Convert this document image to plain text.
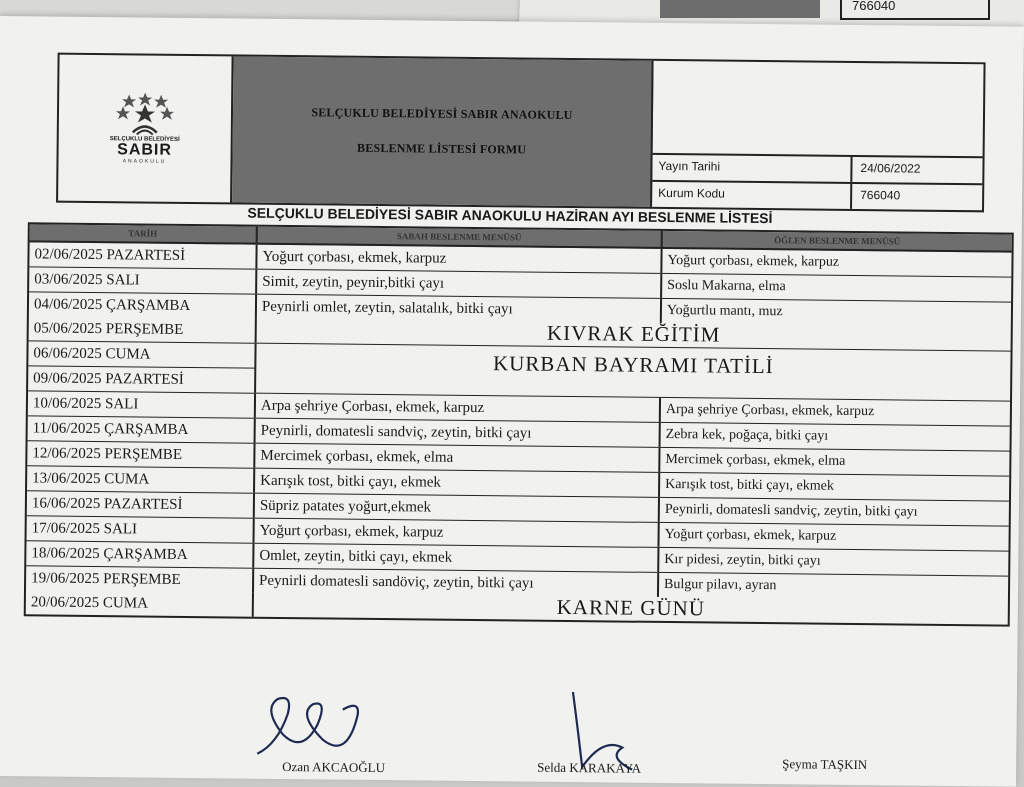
766040
SELÇUKLU BELEDİYESİ
SABIR
ANAOKULU
SELÇUKLU BELEDİYESİ SABIR ANAOKULU
BESLENME LİSTESİ FORMU
Yayın Tarihi	24/06/2022
Kurum Kodu	766040
SELÇUKLU BELEDİYESİ SABIR ANAOKULU HAZİRAN AYI BESLENME LİSTESİ
TARİH	SABAH BESLENME MENÜSÜ	ÖĞLEN BESLENME MENÜSÜ
02/06/2025 PAZARTESİ	Yoğurt çorbası, ekmek, karpuz	Yoğurt çorbası, ekmek, karpuz
03/06/2025 SALI	Simit, zeytin, peynir,bitki çayı	Soslu Makarna, elma
04/06/2025 ÇARŞAMBA	Peynirli omlet, zeytin, salatalık, bitki çayı	Yoğurtlu mantı, muz
05/06/2025 PERŞEMBE	KIVRAK EĞİTİM
06/06/2025 CUMA
09/06/2025 PAZARTESİ
KURBAN BAYRAMI TATİLİ
10/06/2025 SALI	Arpa şehriye Çorbası, ekmek, karpuz	Arpa şehriye Çorbası, ekmek, karpuz
11/06/2025 ÇARŞAMBA	Peynirli, domatesli sandviç, zeytin, bitki çayı	Zebra kek, poğaça, bitki çayı
12/06/2025 PERŞEMBE	Mercimek çorbası, ekmek, elma	Mercimek çorbası, ekmek, elma
13/06/2025 CUMA	Karışık tost, bitki çayı, ekmek	Karışık tost, bitki çayı, ekmek
16/06/2025 PAZARTESİ	Süpriz patates yoğurt,ekmek	Peynirli, domatesli sandviç, zeytin, bitki çayı
17/06/2025 SALI	Yoğurt çorbası, ekmek, karpuz	Yoğurt çorbası, ekmek, karpuz
18/06/2025 ÇARŞAMBA	Omlet, zeytin, bitki çayı, ekmek	Kır pidesi, zeytin, bitki çayı
19/06/2025 PERŞEMBE	Peynirli domatesli sandöviç, zeytin, bitki çayı	Bulgur pilavı, ayran
20/06/2025 CUMA	KARNE GÜNÜ
Ozan AKCAOĞLU	Selda KARAKAYA	Şeyma TAŞKIN
